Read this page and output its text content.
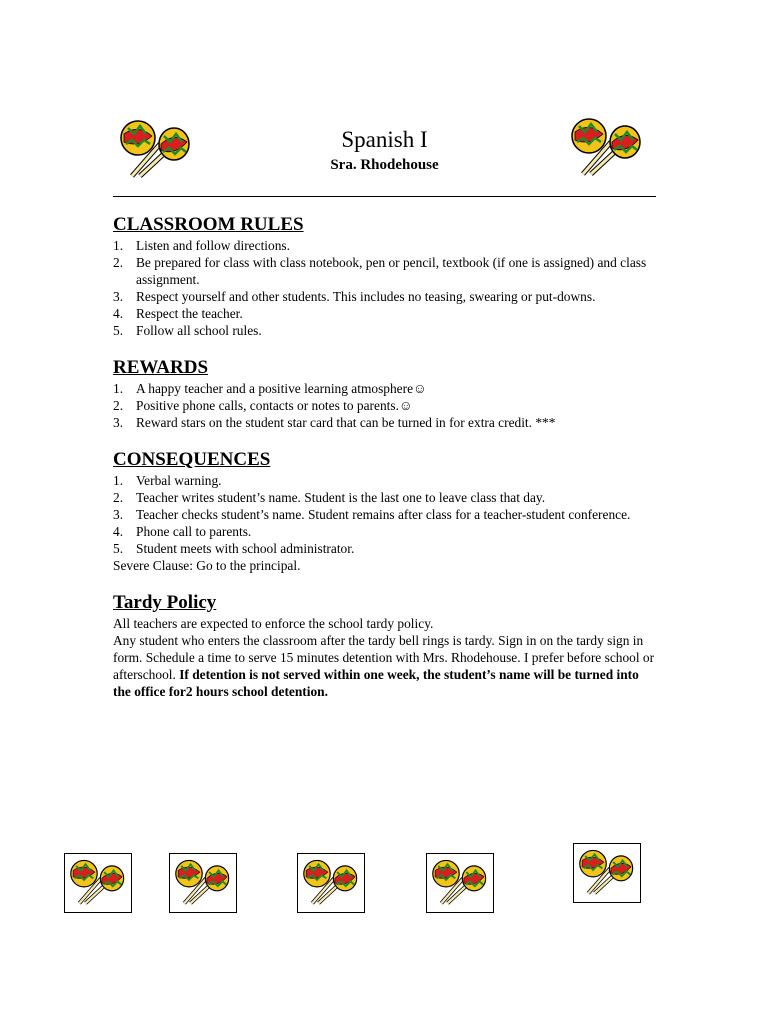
Spanish I
Sra. Rhodehouse
CLASSROOM RULES
1. Listen and follow directions.
2. Be prepared for class with class notebook, pen or pencil, textbook (if one is assigned) and class assignment.
3. Respect yourself and other students. This includes no teasing, swearing or put-downs.
4. Respect the teacher.
5. Follow all school rules.
REWARDS
1. A happy teacher and a positive learning atmosphere☺
2. Positive phone calls, contacts or notes to parents.☺
3. Reward stars on the student star card that can be turned in for extra credit. ***
CONSEQUENCES
1. Verbal warning.
2. Teacher writes student’s name. Student is the last one to leave class that day.
3. Teacher checks student’s name. Student remains after class for a teacher-student conference.
4. Phone call to parents.
5. Student meets with school administrator.

Severe Clause: Go to the principal.

Tardy Policy

All teachers are expected to enforce the school tardy policy.

Any student who enters the classroom after the tardy bell rings is tardy. Sign in on the tardy sign in form. Schedule a time to serve 15 minutes detention with Mrs. Rhodehouse. I prefer before school or afterschool. If detention is not served within one week, the student’s name will be turned into the office for2 hours school detention.
